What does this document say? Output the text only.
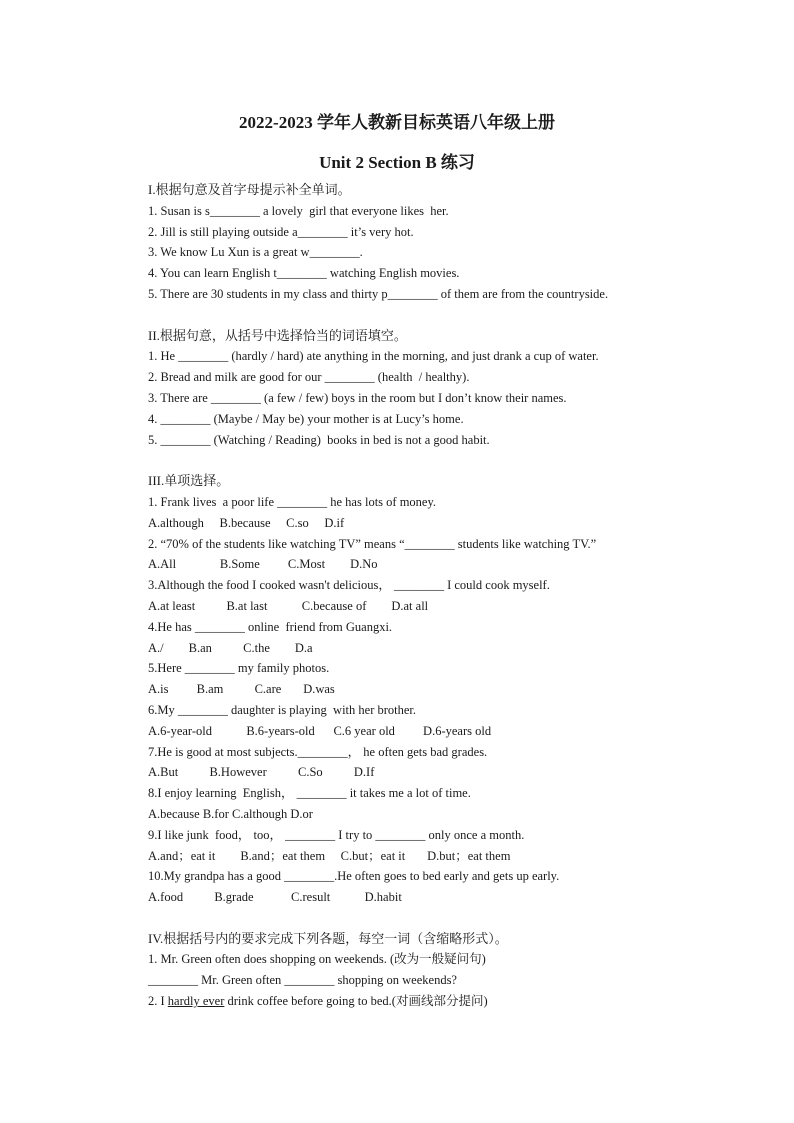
2022-2023 学年人教新目标英语八年级上册
Unit 2 Section B 练习
I.根据句意及首字母提示补全单词。
1. Susan is s________ a lovely  girl that everyone likes  her.
2. Jill is still playing outside a________ it’s very hot.
3. We know Lu Xun is a great w________.
4. You can learn English t________ watching English movies.
5. There are 30 students in my class and thirty p________ of them are from the countryside.
II.根据句意，从括号中选择恰当的词语填空。
1. He ________ (hardly / hard) ate anything in the morning, and just drank a cup of water.
2. Bread and milk are good for our ________ (health  / healthy).
3. There are ________ (a few / few) boys in the room but I don’t know their names.
4. ________ (Maybe / May be) your mother is at Lucy’s home.
5. ________ (Watching / Reading)  books in bed is not a good habit.
III.单项选择。
1. Frank lives  a poor life ________ he has lots of money.
A.although     B.because     C.so     D.if
2. “70% of the students like watching TV” means “________ students like watching TV.”
A.All              B.Some         C.Most        D.No
3.Although the food I cooked wasn't delicious， ________ I could cook myself.
A.at least          B.at last           C.because of        D.at all
4.He has ________ online  friend from Guangxi.
A./        B.an          C.the        D.a
5.Here ________ my family photos.
A.is         B.am          C.are       D.was
6.My ________ daughter is playing  with her brother.
A.6-year-old           B.6-years-old      C.6 year old         D.6-years old
7.He is good at most subjects.________， he often gets bad grades.
A.But          B.However          C.So          D.If
8.I enjoy learning  English， ________ it takes me a lot of time.
A.because B.for C.although D.or
9.I like junk  food， too， ________ I try to ________ only once a month.
A.and；eat it        B.and；eat them     C.but；eat it       D.but；eat them
10.My grandpa has a good ________.He often goes to bed early and gets up early.
A.food          B.grade            C.result           D.habit
IV.根据括号内的要求完成下列各题，每空一词（含缩略形式）。
1. Mr. Green often does shopping on weekends. (改为一般疑问句)
________ Mr. Green often ________ shopping on weekends?
2. I hardly ever drink coffee before going to bed.(对画线部分提问)
